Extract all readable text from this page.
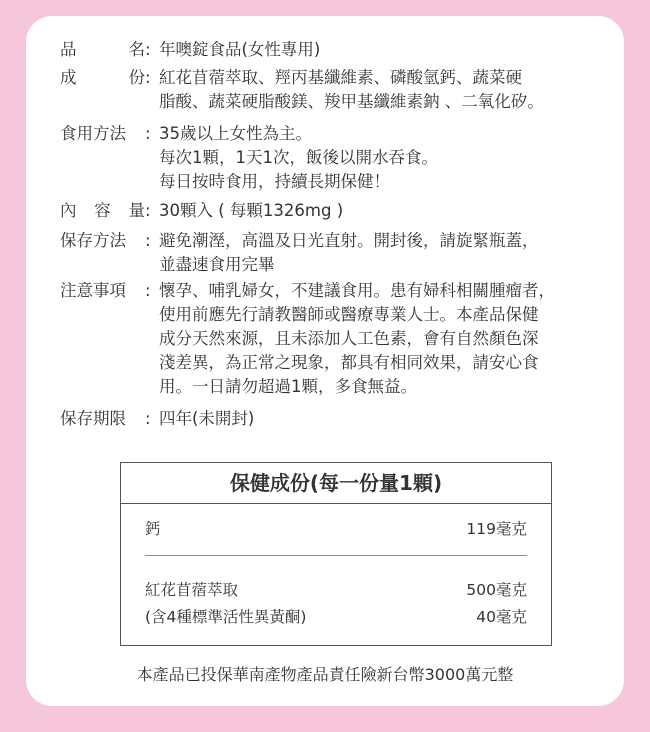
品	名 : 年噢錠食品(女性專用)
成	份 : 紅花苜蓿萃取、羥丙基纖維素、磷酸氫鈣、蔬菜硬
脂酸、蔬菜硬脂酸鎂、羧甲基纖維素鈉 、二氧化矽。
食用方法	: 35歲以上女性為主。
每次1顆，1天1次，飯後以開水吞食。
每日按時食用，持續長期保健！
內 容 量 : 30顆入 ( 每顆1326mg )
保存方法	: 避免潮溼，高溫及日光直射。開封後，請旋緊瓶蓋，
並盡速食用完畢
注意事項	: 懷孕、哺乳婦女，不建議食用。患有婦科相關腫瘤者，
使用前應先行請教醫師或醫療專業人士。本產品保健
成分天然來源，且未添加人工色素，會有自然顏色深
淺差異，為正常之現象，都具有相同效果，請安心食
用。一日請勿超過1顆，多食無益。
保存期限	: 四年(未開封)
保健成份(每一份量1顆)
鈣	119毫克
紅花苜蓿萃取	500毫克
(含4種標準活性異黃酮)	40毫克
本產品已投保華南產物產品責任險新台幣3000萬元整
